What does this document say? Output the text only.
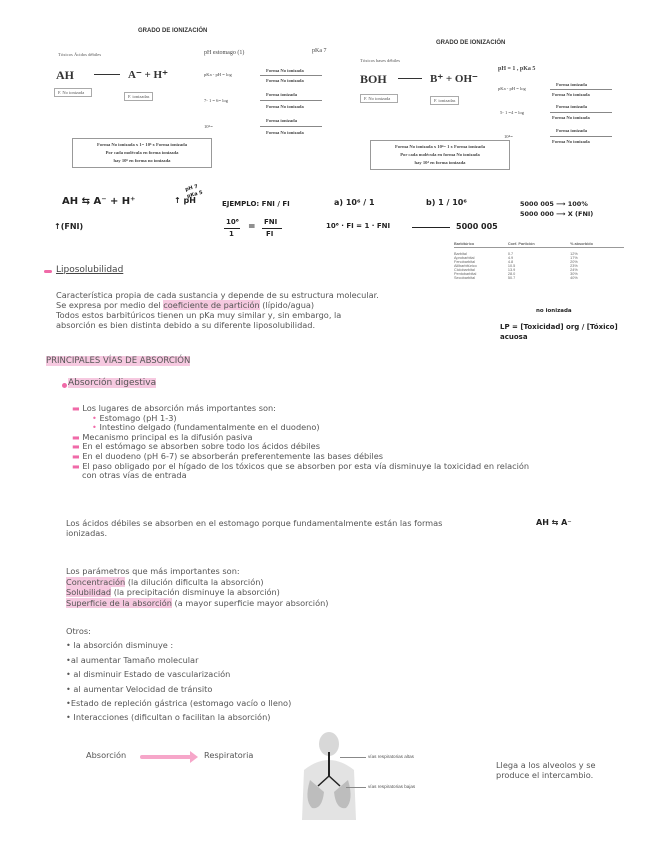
GRADO DE IONIZACIÓN
Tóxicos Ácidos débiles
AH	A⁻ + H⁺
F. No ionizada
F. ionizadas
pH estomago (1)	pKa 7
pKa - pH = log
Forma No ionizada
Forma No ionizada
7- 1 = 6= log
Forma ionizada
Forma No ionizada
10⁶=
Forma ionizada
Forma No ionizada
Forma No ionizada x 1= 10⁶ x Forma ionizada
Por cada molécula en forma ionizada
hay 10⁶ en forma no ionizada
GRADO DE IONIZACIÓN
Tóxicos bases débiles
BOH	B⁺ + OH⁻
F. No ionizada	F. ionizadas
pH = 1 , pKa 5
pKa - pH = log
Forma ionizada
Forma No ionizada
5- 1 =4 = log
Forma ionizada
Forma No ionizada
10⁴=
Forma ionizada
Forma No ionizada
Forma No ionizada x 10⁴= 1 x Forma ionizada
Por cada molécula en forma No ionizada
hay 10⁴ en forma ionizada
AH ⇆ A⁻ + H⁺	↑ pH
pH 7 pKa 5
↑(FNI)
EJEMPLO: FNI / FI	a) 10⁶ / 1	b) 1 / 10⁶
10⁶
1
= FNI
FI
10⁶ · FI = 1 · FNI	5000 005
5000 005 ⟶ 100%
5000 000 ⟶ X (FNI)
Barbitúrico	Coef. Partición	% absorbido

Barbital	0.7	12%
Aprobarbital	4.9	17%
Fenobarbital	4.8	20%
Alilbarbitúrico	10.5	23%
Ciclobarbital	13.9	24%
Pentobarbital	28.0	30%
Secobarbital	50.7	40%
Liposolubilidad
Característica propia de cada sustancia y depende de su estructura molecular.
Se expresa por medio del coeficiente de partición (lípido/agua)
Todos estos barbitúricos tienen un pKa muy similar y, sin embargo, la
absorción es bien distinta debido a su diferente liposolubilidad.
no ionizada
LP = [Toxicidad] org / [Tóxico] acuosa
PRINCIPALES VÍAS DE ABSORCIÓN
Absorción digestiva
▬ Los lugares de absorción más importantes son:
• Estomago (pH 1-3)
• Intestino delgado (fundamentalmente en el duodeno)
▬ Mecanismo principal es la difusión pasiva
▬ En el estómago se absorben sobre todo los ácidos débiles
▬ En el duodeno (pH 6-7) se absorberán preferentemente las bases débiles
▬ El paso obligado por el hígado de los tóxicos que se absorben por esta vía disminuye la toxicidad en relación
con otras vías de entrada
Los ácidos débiles se absorben en el estomago porque fundamentalmente están las formas
ionizadas.
AH ⇆ A⁻
Los parámetros que más importantes son:
Concentración (la dilución dificulta la absorción)
Solubilidad (la precipitación disminuye la absorción)
Superficie de la absorción (a mayor superficie mayor absorción)
Otros:
• la absorción disminuye :
•al aumentar Tamaño molecular
• al disminuir Estado de vascularización
• al aumentar Velocidad de tránsito
•Estado de repleción gástrica (estomago vacío o lleno)
• Interacciones (dificultan o facilitan la absorción)
Absorción	Respiratoria	vías respiratorias altas
vías respiratorias bajas
Llega a los alveolos y se
produce el intercambio.
